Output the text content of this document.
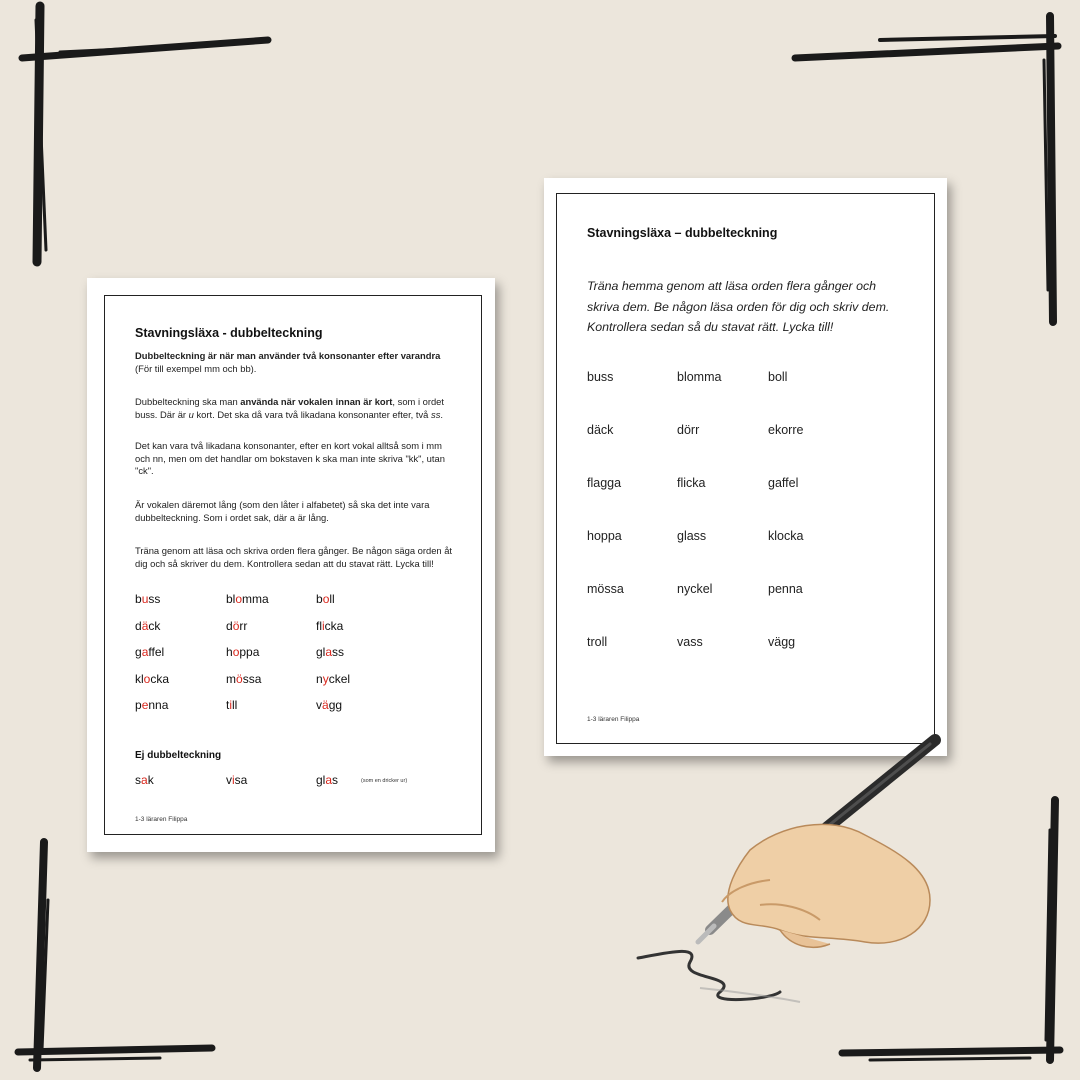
Stavningsläxa - dubbelteckning
Dubbelteckning är när man använder två konsonanter efter varandra (För till exempel mm och bb).
Dubbelteckning ska man använda när vokalen innan är kort, som i ordet buss. Där är u kort. Det ska då vara två likadana konsonanter efter, två ss.
Det kan vara två likadana konsonanter, efter en kort vokal alltså som i mm och nn, men om det handlar om bokstaven k ska man inte skriva "kk", utan "ck".
Är vokalen däremot lång (som den låter i alfabetet) så ska det inte vara dubbelteckning. Som i ordet sak, där a är lång.
Träna genom att läsa och skriva orden flera gånger. Be någon säga orden åt dig och så skriver du dem. Kontrollera sedan att du stavat rätt. Lycka till!
buss	blomma	boll
däck	dörr	flicka
gaffel	hoppa	glass
klocka	mössa	nyckel
penna	till	vägg
Ej dubbelteckning
sak	visa	glas	(som en dricker ur)
1-3 läraren Filippa
Stavningsläxa – dubbelteckning
Träna hemma genom att läsa orden flera gånger och skriva dem. Be någon läsa orden för dig och skriv dem. Kontrollera sedan så du stavat rätt. Lycka till!
buss	blomma	boll
däck	dörr	ekorre
flagga	flicka	gaffel
hoppa	glass	klocka
mössa	nyckel	penna
troll	vass	vägg
1-3 läraren Filippa
